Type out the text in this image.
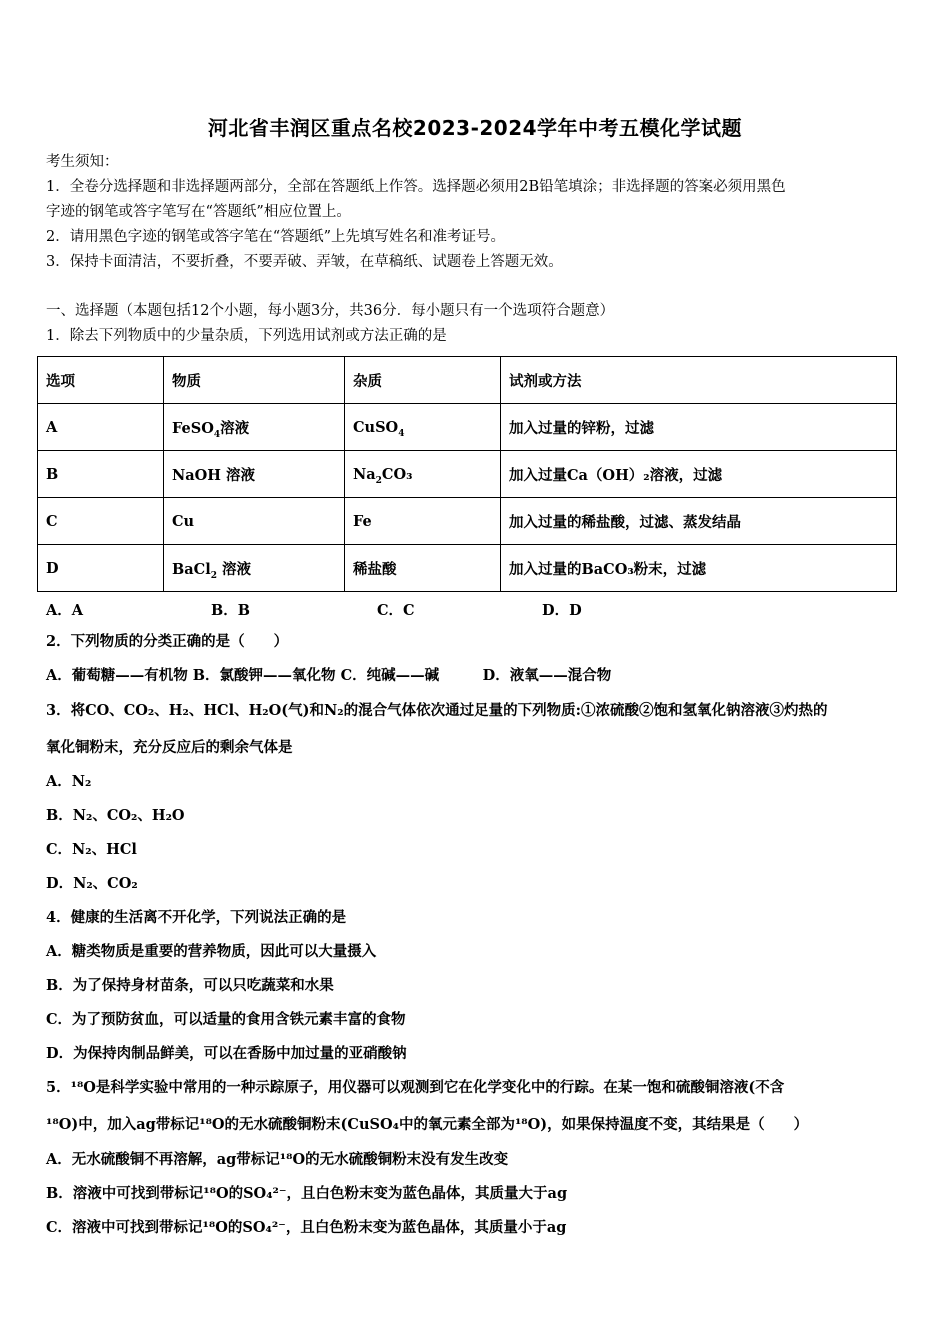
河北省丰润区重点名校2023-2024学年中考五模化学试题
考生须知：
1．全卷分选择题和非选择题两部分，全部在答题纸上作答。选择题必须用2B铅笔填涂；非选择题的答案必须用黑色
字迹的钢笔或答字笔写在“答题纸”相应位置上。
2．请用黑色字迹的钢笔或答字笔在“答题纸”上先填写姓名和准考证号。
3．保持卡面清洁，不要折叠，不要弄破、弄皱，在草稿纸、试题卷上答题无效。
一、选择题（本题包括12个小题，每小题3分，共36分．每小题只有一个选项符合题意）
1．除去下列物质中的少量杂质，下列选用试剂或方法正确的是
选项	物质	杂质	试剂或方法
A	FeSO$_4$溶液	CuSO$_4$	加入过量的锌粉，过滤
B	NaOH 溶液	$Na_2CO_3$	加入过量Ca（OH）₂溶液，过滤
C	Cu	Fe	加入过量的稀盐酸，过滤、蒸发结晶
D	BaCl$_2$ 溶液	稀盐酸	加入过量的BaCO₃粉末，过滤
A．A	B．B	C．C	D．D
2．下列物质的分类正确的是（　　）
A．葡萄糖——有机物 B．氯酸钾——氧化物 C．纯碱——碱　　　D．液氧——混合物
3．将CO、CO₂、H₂、HCl、H₂O(气)和N₂的混合气体依次通过足量的下列物质:①浓硫酸②饱和氢氧化钠溶液③灼热的
氧化铜粉末，充分反应后的剩余气体是
A．N₂
B．N₂、CO₂、H₂O
C．N₂、HCl
D．N₂、CO₂
4．健康的生活离不开化学，下列说法正确的是
A．糖类物质是重要的营养物质，因此可以大量摄入
B．为了保持身材苗条，可以只吃蔬菜和水果
C．为了预防贫血，可以适量的食用含铁元素丰富的食物
D．为保持肉制品鲜美，可以在香肠中加过量的亚硝酸钠
5．¹⁸O是科学实验中常用的一种示踪原子，用仪器可以观测到它在化学变化中的行踪。在某一饱和硫酸铜溶液(不含
¹⁸O)中，加入ag带标记¹⁸O的无水硫酸铜粉末(CuSO₄中的氧元素全部为¹⁸O)，如果保持温度不变，其结果是（　　）
A．无水硫酸铜不再溶解，ag带标记¹⁸O的无水硫酸铜粉末没有发生改变
B．溶液中可找到带标记¹⁸O的SO₄²⁻，且白色粉末变为蓝色晶体，其质量大于ag
C．溶液中可找到带标记¹⁸O的SO₄²⁻，且白色粉末变为蓝色晶体，其质量小于ag
